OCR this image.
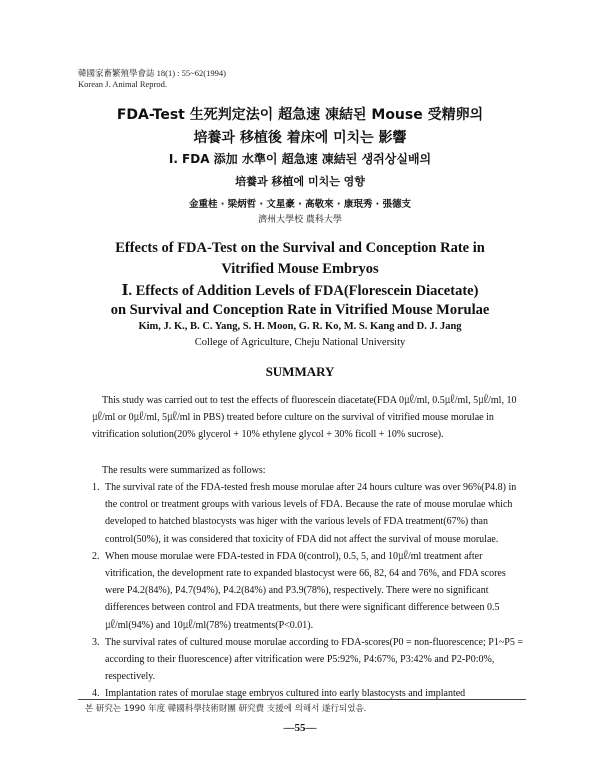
韓國家畜繁殖學會誌 18(1) : 55~62(1994)
Korean J. Animal Reprod.
FDA-Test 生死判定法이 超急速 凍結된 Mouse 受精卵의
培養과 移植後 着床에 미치는 影響
Ⅰ. FDA 添加 水準이 超急速 凍結된 생쥐상실배의
培養과 移植에 미치는 영향
金重桂 · 梁炳哲 · 文星豪 · 高敬來 · 康珉秀 · 張德支
濟州大學校 農科大學
Effects of FDA-Test on the Survival and Conception Rate in
Vitrified Mouse Embryos
Ⅰ. Effects of Addition Levels of FDA(Florescein Diacetate)
on Survival and Conception Rate in Vitrified Mouse Morulae
Kim, J. K., B. C. Yang, S. H. Moon, G. R. Ko, M. S. Kang and D. J. Jang
College of Agriculture, Cheju National University
SUMMARY
This study was carried out to test the effects of fluorescein diacetate(FDA 0㎕/ml, 0.5㎕/ml, 5㎕/ml, 10㎕/ml or 0㎕/ml, 5㎕/ml in PBS) treated before culture on the survival of vitrified mouse morulae in vitrification solution(20% glycerol + 10% ethylene glycol + 30% ficoll + 10% sucrose).
The results were summarized as follows:
1. The survival rate of the FDA-tested fresh mouse morulae after 24 hours culture was over 96%(P4.8) in the control or treatment groups with various levels of FDA. Because the rate of mouse morulae which developed to hatched blastocysts was higer with the various levels of FDA treatment(67%) than control(50%), it was considered that toxicity of FDA did not affect the survival of mouse morulae.
2. When mouse morulae were FDA-tested in FDA 0(control), 0.5, 5, and 10㎕/ml treatment after vitrification, the development rate to expanded blastocyst were 66, 82, 64 and 76%, and FDA scores were P4.2(84%), P4.7(94%), P4.2(84%) and P3.9(78%), respectively. There were no significant differences between control and FDA treatments, but there were significant difference between 0.5㎕/ml(94%) and 10㎕/ml(78%) treatments(P<0.01).
3. The survival rates of cultured mouse morulae according to FDA-scores(P0 = non-fluorescence; P1~P5 = according to their fluorescence) after vitrification were P5:92%, P4:67%, P3:42% and P2-P0:0%, respectively.
4. Implantation rates of morulae stage embryos cultured into early blastocysts and implanted
본 研究는 1990 年度 韓國科學技術財團 研究費 支援에 의해서 遂行되었음.
—55—
